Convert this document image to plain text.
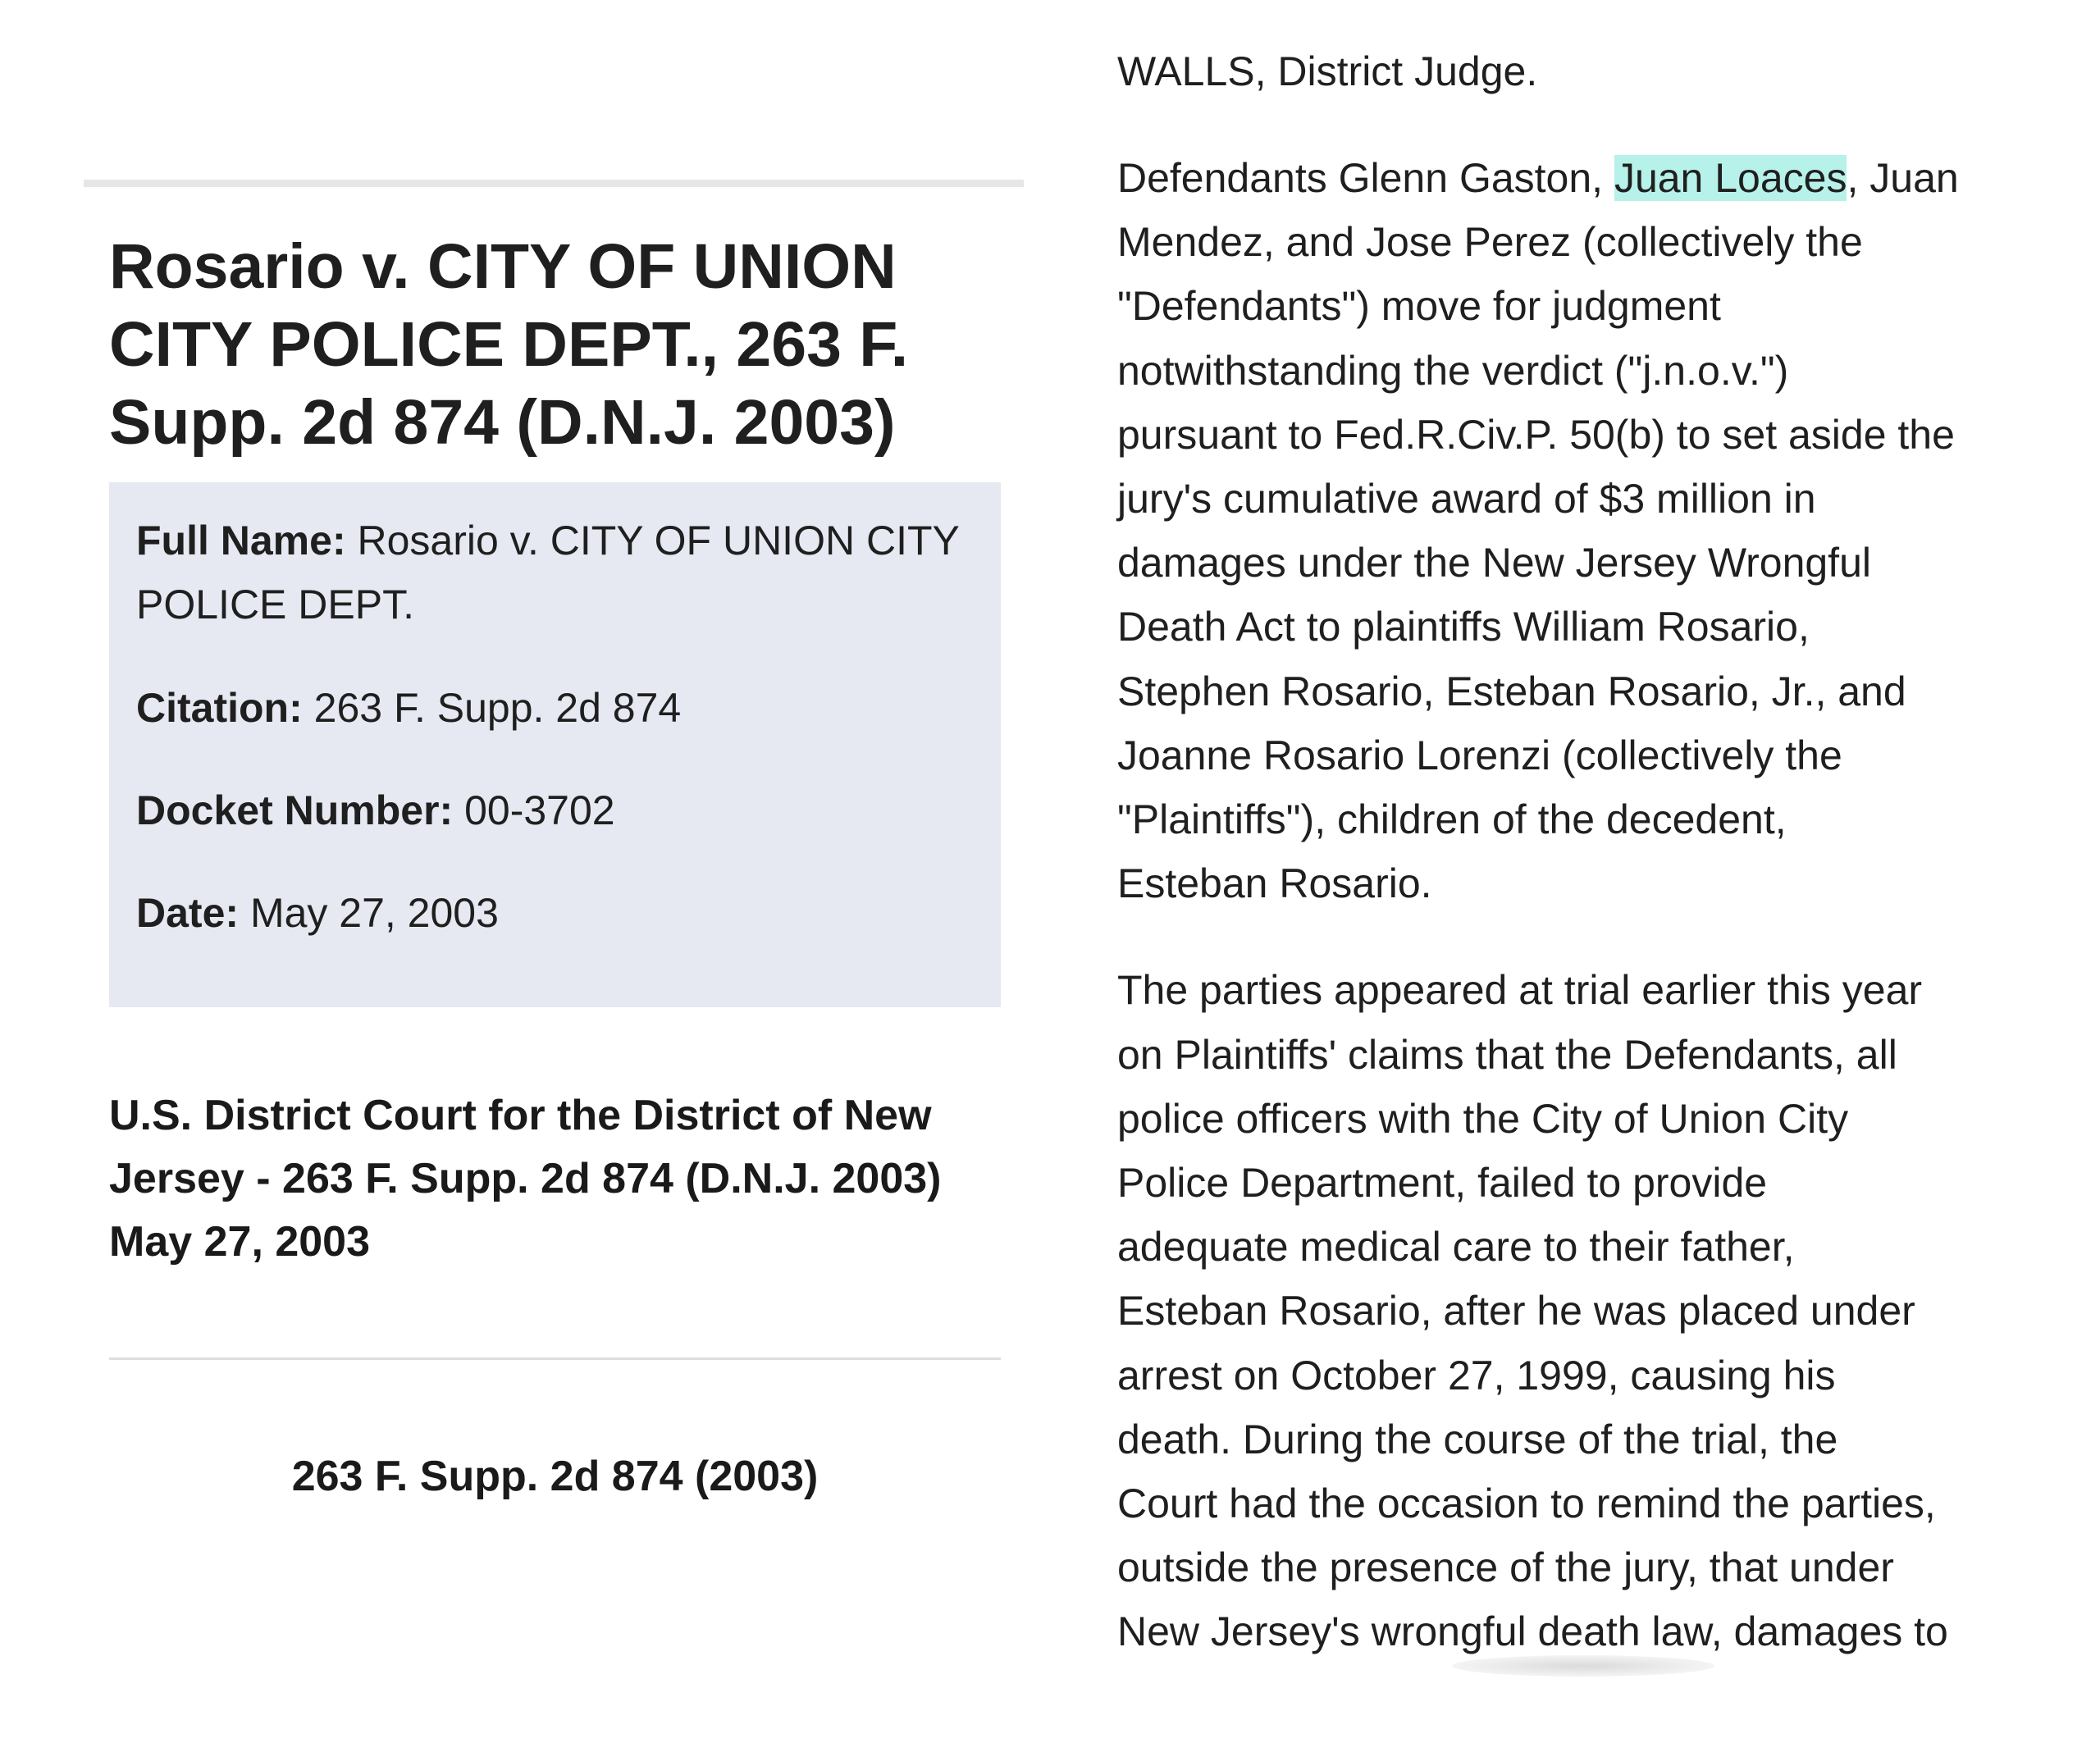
Rosario v. CITY OF UNION CITY POLICE DEPT., 263 F. Supp. 2d 874 (D.N.J. 2003)
Full Name: Rosario v. CITY OF UNION CITY POLICE DEPT.
Citation: 263 F. Supp. 2d 874
Docket Number: 00-3702
Date: May 27, 2003
U.S. District Court for the District of New Jersey - 263 F. Supp. 2d 874 (D.N.J. 2003) May 27, 2003
263 F. Supp. 2d 874 (2003)
WALLS, District Judge.
Defendants Glenn Gaston, Juan Loaces, Juan
Mendez, and Jose Perez (collectively the
"Defendants") move for judgment
notwithstanding the verdict ("j.n.o.v.")
pursuant to Fed.R.Civ.P. 50(b) to set aside the
jury's cumulative award of $3 million in
damages under the New Jersey Wrongful
Death Act to plaintiffs William Rosario,
Stephen Rosario, Esteban Rosario, Jr., and
Joanne Rosario Lorenzi (collectively the
"Plaintiffs"), children of the decedent,
Esteban Rosario.
The parties appeared at trial earlier this year
on Plaintiffs' claims that the Defendants, all
police officers with the City of Union City
Police Department, failed to provide
adequate medical care to their father,
Esteban Rosario, after he was placed under
arrest on October 27, 1999, causing his
death. During the course of the trial, the
Court had the occasion to remind the parties,
outside the presence of the jury, that under
New Jersey's wrongful death law, damages to
